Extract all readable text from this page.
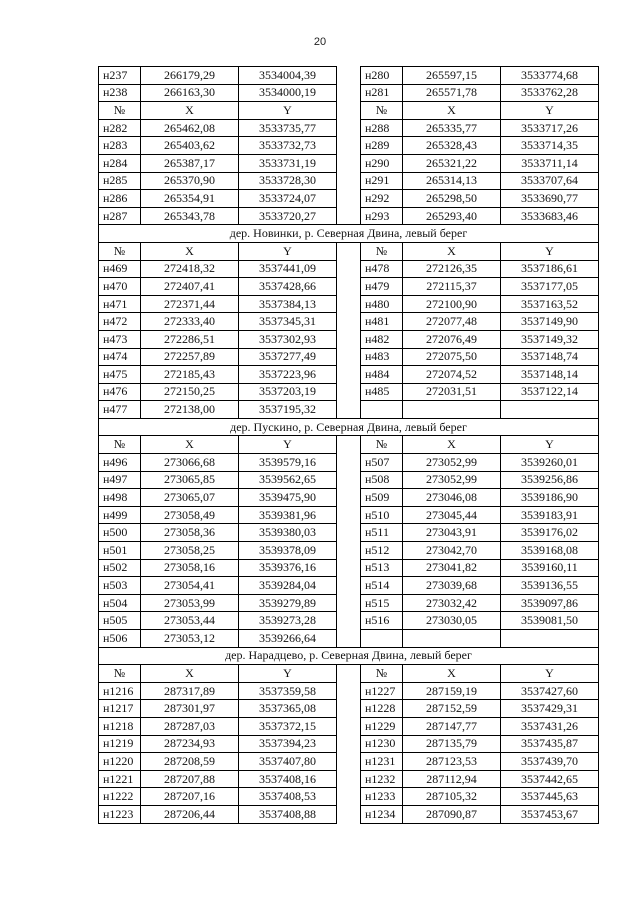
20
н237	266179,29	3534004,39		н280	265597,15	3533774,68
н238	266163,30	3534000,19		н281	265571,78	3533762,28
№	X	Y		№	X	Y
н282	265462,08	3533735,77		н288	265335,77	3533717,26
н283	265403,62	3533732,73		н289	265328,43	3533714,35
н284	265387,17	3533731,19		н290	265321,22	3533711,14
н285	265370,90	3533728,30		н291	265314,13	3533707,64
н286	265354,91	3533724,07		н292	265298,50	3533690,77
н287	265343,78	3533720,27		н293	265293,40	3533683,46
дер. Новинки, р. Северная Двина, левый берег						
№	X	Y		№	X	Y
н469	272418,32	3537441,09		н478	272126,35	3537186,61
н470	272407,41	3537428,66		н479	272115,37	3537177,05
н471	272371,44	3537384,13		н480	272100,90	3537163,52
н472	272333,40	3537345,31		н481	272077,48	3537149,90
н473	272286,51	3537302,93		н482	272076,49	3537149,32
н474	272257,89	3537277,49		н483	272075,50	3537148,74
н475	272185,43	3537223,96		н484	272074,52	3537148,14
н476	272150,25	3537203,19		н485	272031,51	3537122,14
н477	272138,00	3537195,32				
дер. Пускино, р. Северная Двина, левый берег						
№	X	Y		№	X	Y
н496	273066,68	3539579,16		н507	273052,99	3539260,01
н497	273065,85	3539562,65		н508	273052,99	3539256,86
н498	273065,07	3539475,90		н509	273046,08	3539186,90
н499	273058,49	3539381,96		н510	273045,44	3539183,91
н500	273058,36	3539380,03		н511	273043,91	3539176,02
н501	273058,25	3539378,09		н512	273042,70	3539168,08
н502	273058,16	3539376,16		н513	273041,82	3539160,11
н503	273054,41	3539284,04		н514	273039,68	3539136,55
н504	273053,99	3539279,89		н515	273032,42	3539097,86
н505	273053,44	3539273,28		н516	273030,05	3539081,50
н506	273053,12	3539266,64				
дер. Нарадцево, р. Северная Двина, левый берег						
№	X	Y		№	X	Y
н1216	287317,89	3537359,58		н1227	287159,19	3537427,60
н1217	287301,97	3537365,08		н1228	287152,59	3537429,31
н1218	287287,03	3537372,15		н1229	287147,77	3537431,26
н1219	287234,93	3537394,23		н1230	287135,79	3537435,87
н1220	287208,59	3537407,80		н1231	287123,53	3537439,70
н1221	287207,88	3537408,16		н1232	287112,94	3537442,65
н1222	287207,16	3537408,53		н1233	287105,32	3537445,63
н1223	287206,44	3537408,88		н1234	287090,87	3537453,67
